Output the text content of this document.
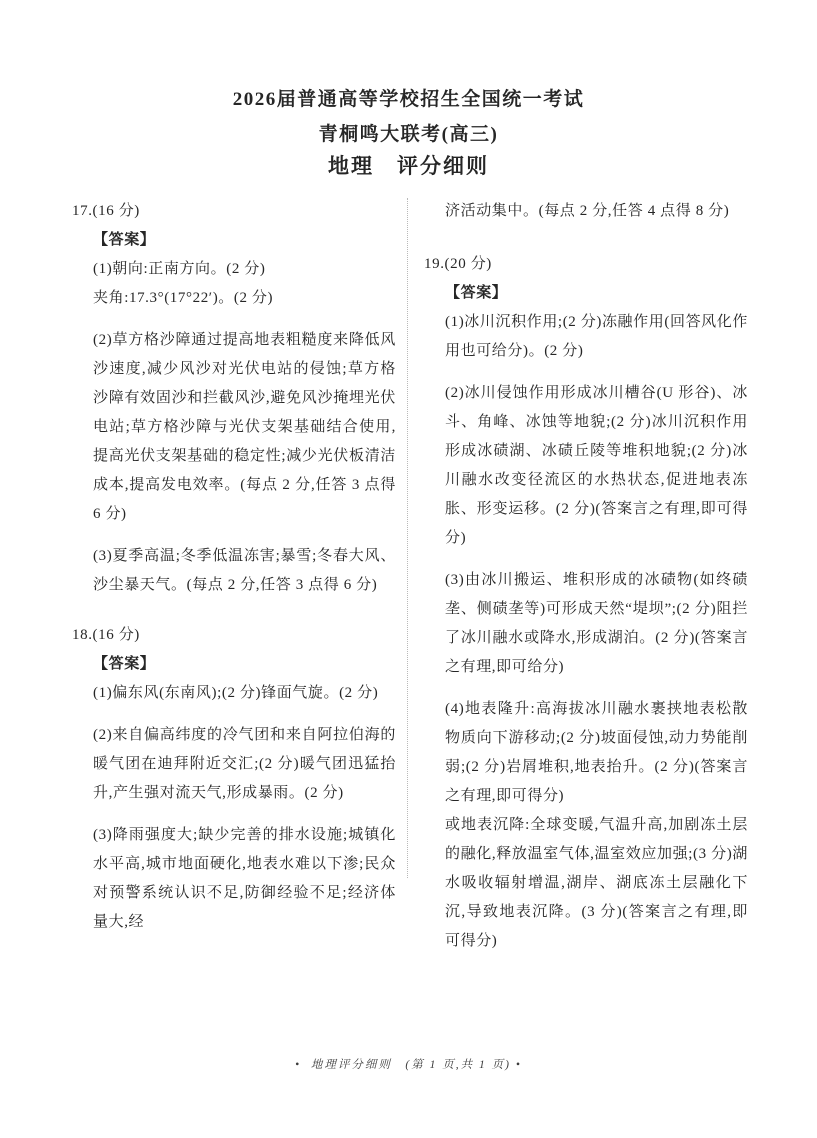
2026届普通高等学校招生全国统一考试
青桐鸣大联考(高三)
地理　评分细则
17.(16 分)

【答案】

(1)朝向:正南方向。(2 分)

夹角:17.3°(17°22′)。(2 分)

(2)草方格沙障通过提高地表粗糙度来降低风沙速度,减少风沙对光伏电站的侵蚀;草方格沙障有效固沙和拦截风沙,避免风沙掩埋光伏电站;草方格沙障与光伏支架基础结合使用,提高光伏支架基础的稳定性;减少光伏板清洁成本,提高发电效率。(每点 2 分,任答 3 点得 6 分)

(3)夏季高温;冬季低温冻害;暴雪;冬春大风、沙尘暴天气。(每点 2 分,任答 3 点得 6 分)

18.(16 分)

【答案】

(1)偏东风(东南风);(2 分)锋面气旋。(2 分)

(2)来自偏高纬度的冷气团和来自阿拉伯海的暖气团在迪拜附近交汇;(2 分)暖气团迅猛抬升,产生强对流天气,形成暴雨。(2 分)

(3)降雨强度大;缺少完善的排水设施;城镇化水平高,城市地面硬化,地表水难以下渗;民众对预警系统认识不足,防御经验不足;经济体量大,经

济活动集中。(每点 2 分,任答 4 点得 8 分)

19.(20 分)

【答案】

(1)冰川沉积作用;(2 分)冻融作用(回答风化作用也可给分)。(2 分)

(2)冰川侵蚀作用形成冰川槽谷(U 形谷)、冰斗、角峰、冰蚀等地貌;(2 分)冰川沉积作用形成冰碛湖、冰碛丘陵等堆积地貌;(2 分)冰川融水改变径流区的水热状态,促进地表冻胀、形变运移。(2 分)(答案言之有理,即可得分)

(3)由冰川搬运、堆积形成的冰碛物(如终碛垄、侧碛垄等)可形成天然“堤坝”;(2 分)阻拦了冰川融水或降水,形成湖泊。(2 分)(答案言之有理,即可给分)

(4)地表隆升:高海拔冰川融水裹挟地表松散物质向下游移动;(2 分)坡面侵蚀,动力势能削弱;(2 分)岩屑堆积,地表抬升。(2 分)(答案言之有理,即可得分)

或地表沉降:全球变暖,气温升高,加剧冻土层的融化,释放温室气体,温室效应加强;(3 分)湖水吸收辐射增温,湖岸、湖底冻土层融化下沉,导致地表沉降。(3 分)(答案言之有理,即可得分)

•  地理评分细则　(第 1 页,共 1 页) •
